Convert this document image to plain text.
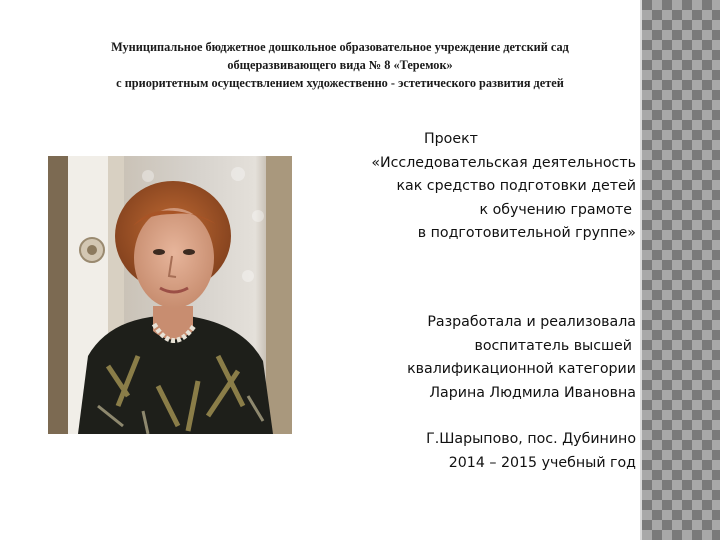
Муниципальное бюджетное дошкольное образовательное учреждение детский сад
общеразвивающего вида № 8 «Теремок»
с приоритетным осуществлением художественно - эстетического развития детей
Проект
«Исследовательская деятельность
как средство подготовки детей
к обучению грамоте
в подготовительной группе»
Разработала и реализовала
воспитатель высшей
квалификационной категории
Ларина Людмила Ивановна
Г.Шарыпово, пос. Дубинино
2014 – 2015 учебный год
